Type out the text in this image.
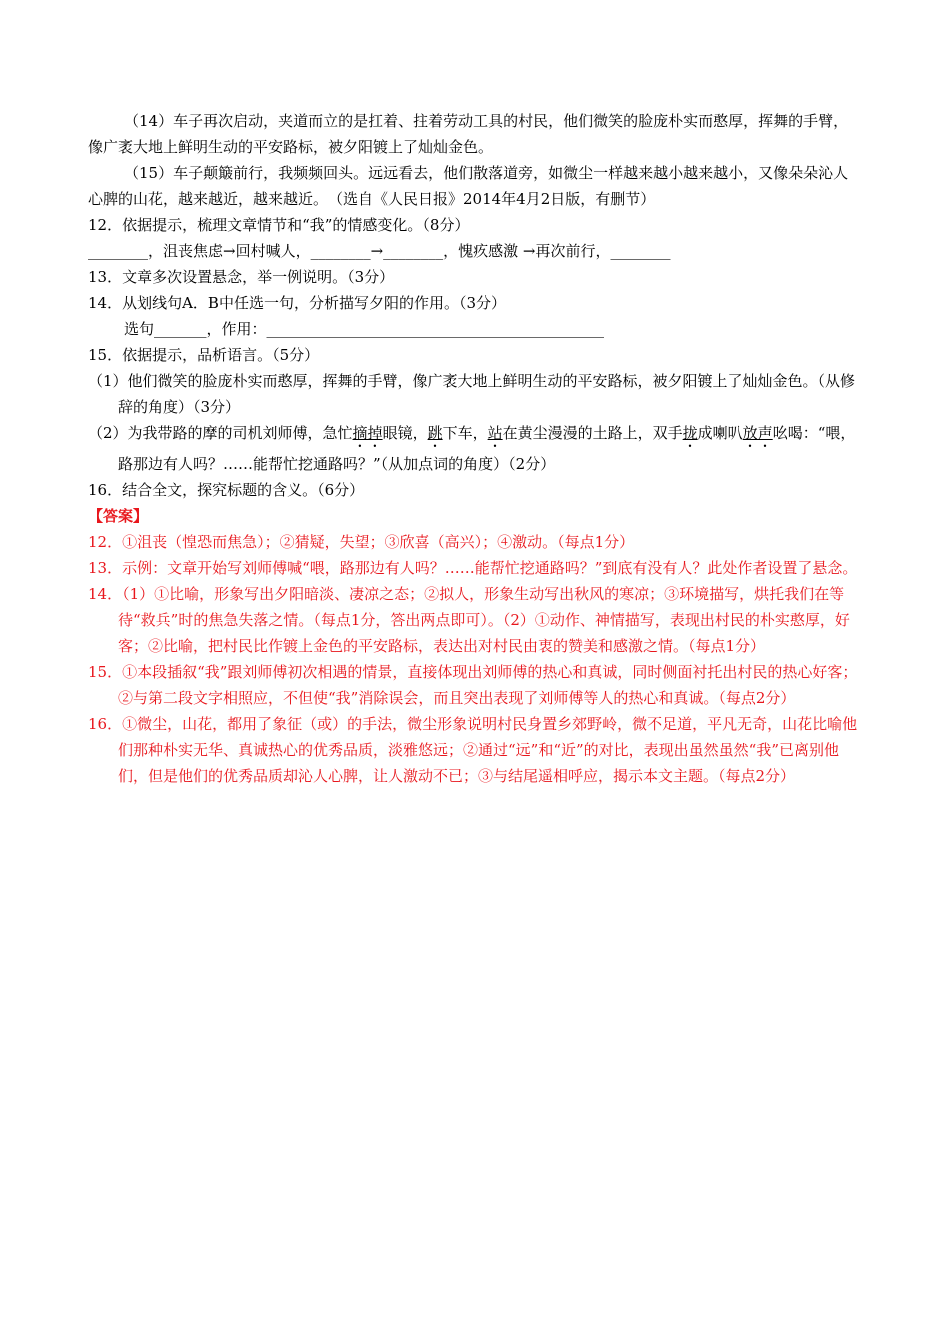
（14）车子再次启动，夹道而立的是扛着、拄着劳动工具的村民，他们微笑的脸庞朴实而憨厚，挥舞的手臂，像广袤大地上鲜明生动的平安路标，被夕阳镀上了灿灿金色。
（15）车子颠簸前行，我频频回头。远远看去，他们散落道旁，如微尘一样越来越小越来越小，又像朵朵沁人心脾的山花，越来越近，越来越近。　（选自《人民日报》2014年4月2日版，有删节）
12．依据提示，梳理文章情节和“我”的情感变化。（8分）
________，沮丧焦虑→回村喊人，________→________，愧疚感激 →再次前行，________
13．文章多次设置悬念，举一例说明。（3分）
14．从划线句A．B中任选一句，分析描写夕阳的作用。（3分）
选句_______，作用：_____________________________________________
15．依据提示，品析语言。（5分）
（1）他们微笑的脸庞朴实而憨厚，挥舞的手臂，像广袤大地上鲜明生动的平安路标，被夕阳镀上了灿灿金色。（从修辞的角度）（3分）
（2）为我带路的摩的司机刘师傅，急忙摘掉眼镜，跳下车，站在黄尘漫漫的土路上，双手拢成喇叭放声吆喝：“喂，路那边有人吗？……能帮忙挖通路吗？”（从加点词的角度）（2分）
16．结合全文，探究标题的含义。（6分）
【答案】
12．①沮丧（惶恐而焦急）；②猜疑，失望；③欣喜（高兴）；④激动。（每点1分）
13．示例：文章开始写刘师傅喊“喂，路那边有人吗？……能帮忙挖通路吗？”到底有没有人？此处作者设置了悬念。
14．（1）①比喻，形象写出夕阳暗淡、凄凉之态；②拟人，形象生动写出秋风的寒凉；③环境描写，烘托我们在等待“救兵”时的焦急失落之情。（每点1分，答出两点即可）。（2）①动作、神情描写，表现出村民的朴实憨厚，好客；②比喻，把村民比作镀上金色的平安路标，表达出对村民由衷的赞美和感激之情。（每点1分）
15．①本段插叙“我”跟刘师傅初次相遇的情景，直接体现出刘师傅的热心和真诚，同时侧面衬托出村民的热心好客；②与第二段文字相照应，不但使“我”消除误会，而且突出表现了刘师傅等人的热心和真诚。（每点2分）
16．①微尘，山花，都用了象征（或）的手法，微尘形象说明村民身置乡郊野岭，微不足道，平凡无奇，山花比喻他们那种朴实无华、真诚热心的优秀品质，淡雅悠远；②通过“远”和“近”的对比，表现出虽然虽然“我”已离别他们，但是他们的优秀品质却沁人心脾，让人激动不已；③与结尾遥相呼应，揭示本文主题。（每点2分）
